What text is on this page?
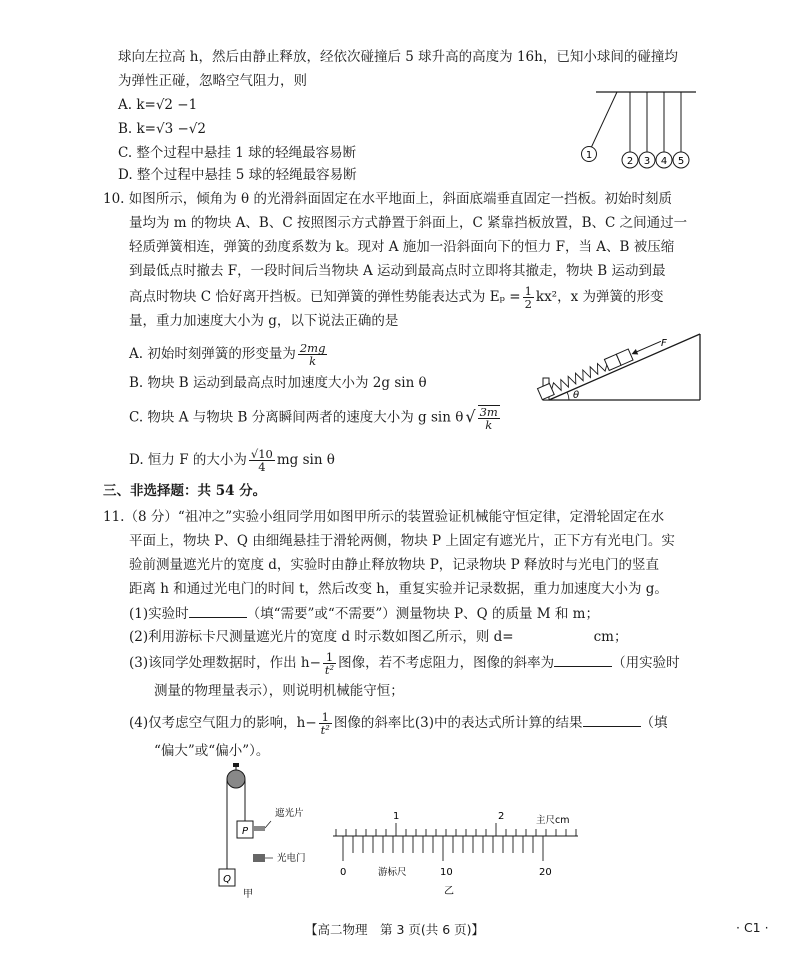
球向左拉高 h，然后由静止释放，经依次碰撞后 5 球升高的高度为 16h，已知小球间的碰撞均
为弹性正碰，忽略空气阻力，则
A. k=√2 −1
B. k=√3 −√2
C. 整个过程中悬挂 1 球的轻绳最容易断
D. 整个过程中悬挂 5 球的轻绳最容易断
1
2 3 4 5
10. 如图所示，倾角为 θ 的光滑斜面固定在水平地面上，斜面底端垂直固定一挡板。初始时刻质
量均为 m 的物块 A、B、C 按照图示方式静置于斜面上，C 紧靠挡板放置，B、C 之间通过一
轻质弹簧相连，弹簧的劲度系数为 k。现对 A 施加一沿斜面向下的恒力 F，当 A、B 被压缩
到最低点时撤去 F，一段时间后当物块 A 运动到最高点时立即将其撤走，物块 B 运动到最
高点时物块 C 恰好离开挡板。已知弹簧的弹性势能表达式为 $E_p = \frac{1}{2} kx^2$，x 为弹簧的形变
量，重力加速度大小为 g，以下说法正确的是
A. 初始时刻弹簧的形变量为 $\frac{2mg}{k}$
B. 物块 B 运动到最高点时加速度大小为 2g sin θ
C. 物块 A 与物块 B 分离瞬间两者的速度大小为 g sin θ √ $\frac{3m}{k}$
D. 恒力 F 的大小为 $\frac{√10}{4}$ mg sin θ
F
θ
三、非选择题：共 54 分。
11.（8 分）“祖冲之”实验小组同学用如图甲所示的装置验证机械能守恒定律，定滑轮固定在水
平面上，物块 P、Q 由细绳悬挂于滑轮两侧，物块 P 上固定有遮光片，正下方有光电门。实
验前测量遮光片的宽度 d，实验时由静止释放物块 P，记录物块 P 释放时与光电门的竖直
距离 h 和通过光电门的时间 t，然后改变 h，重复实验并记录数据，重力加速度大小为 g。
(1)实验时	（填“需要”或“不需要”）测量物块 P、Q 的质量 M 和 m；
(2)利用游标卡尺测量遮光片的宽度 d 时示数如图乙所示，则 d=	cm；
(3)该同学处理数据时，作出 $h- \frac{1}{\text{t²}}$ 图像，若不考虑阻力，图像的斜率为	（用实验时
测量的物理量表示），则说明机械能守恒；
(4)仅考虑空气阻力的影响，$h- \frac{1}{\text{t²}}$ 图像的斜率比(3)中的表达式所计算的结果	（填
“偏大”或“偏小”）。
P
遮光片
光电门
Q
甲
1	2	主尺cm
0	10	20
游标尺
乙
【高二物理　第 3 页(共 6 页)】	· C1 ·
